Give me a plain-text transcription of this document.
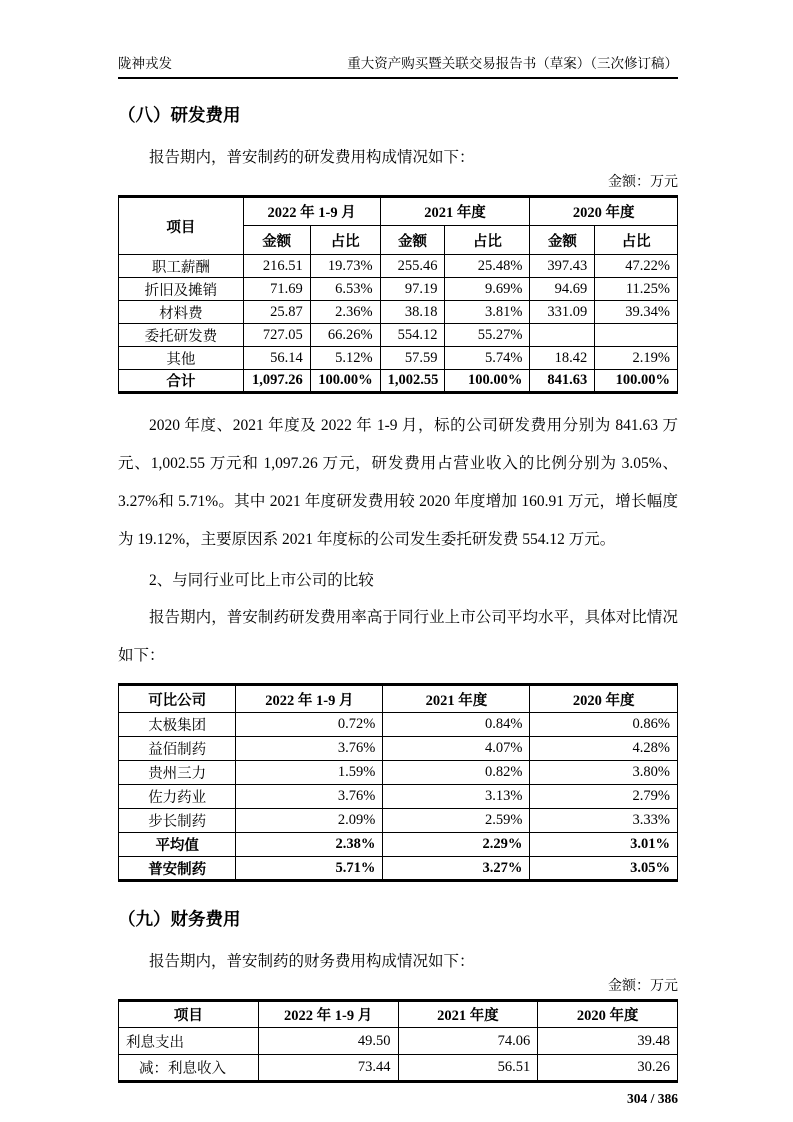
陇神戎发	重大资产购买暨关联交易报告书（草案）（三次修订稿）
（八）研发费用

报告期内，普安制药的研发费用构成情况如下：

金额：万元
项目	2022 年 1-9 月		2021 年度		2020 年度	
	金额	占比	金额	占比	金额	占比
职工薪酬	216.51	19.73%	255.46	25.48%	397.43	47.22%
折旧及摊销	71.69	6.53%	97.19	9.69%	94.69	11.25%
材料费	25.87	2.36%	38.18	3.81%	331.09	39.34%
委托研发费	727.05	66.26%	554.12	55.27%		
其他	56.14	5.12%	57.59	5.74%	18.42	2.19%
合计	1,097.26	100.00%	1,002.55	100.00%	841.63	100.00%

2020 年度、2021 年度及 2022 年 1-9 月，标的公司研发费用分别为 841.63 万元、1,002.55 万元和 1,097.26 万元，研发费用占营业收入的比例分别为 3.05%、3.27%和 5.71%。其中 2021 年度研发费用较 2020 年度增加 160.91 万元，增长幅度为 19.12%，主要原因系 2021 年度标的公司发生委托研发费 554.12 万元。

2、与同行业可比上市公司的比较

报告期内，普安制药研发费用率高于同行业上市公司平均水平，具体对比情况如下：

可比公司	2022 年 1-9 月	2021 年度	2020 年度
太极集团	0.72%	0.84%	0.86%
益佰制药	3.76%	4.07%	4.28%
贵州三力	1.59%	0.82%	3.80%
佐力药业	3.76%	3.13%	2.79%
步长制药	2.09%	2.59%	3.33%
平均值	2.38%	2.29%	3.01%
普安制药	5.71%	3.27%	3.05%
（九）财务费用

报告期内，普安制药的财务费用构成情况如下：

金额：万元
项目	2022 年 1-9 月	2021 年度	2020 年度
利息支出	49.50	74.06	39.48
减：利息收入	73.44	56.51	30.26
304 / 386
